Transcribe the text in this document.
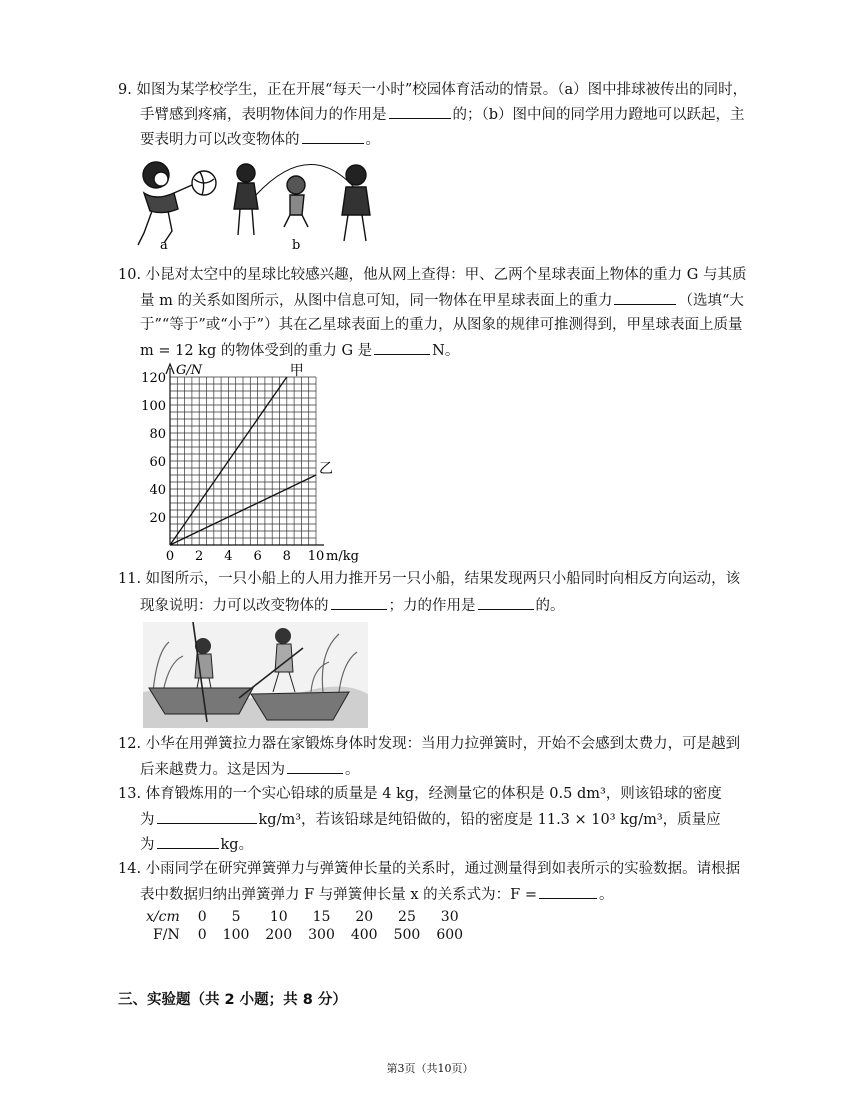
9. 如图为某学校学生，正在开展“每天一小时”校园体育活动的情景。（a）图中排球被传出的同时，
手臂感到疼痛，表明物体间力的作用是	的；（b）图中间的同学用力蹬地可以跃起，主
要表明力可以改变物体的	。
a	b
10. 小昆对太空中的星球比较感兴趣，他从网上查得：甲、乙两个星球表面上物体的重力 G 与其质
量 m 的关系如图所示，从图中信息可知，同一物体在甲星球表面上的重力	（选填“大
于”“等于”或“小于”）其在乙星球表面上的重力，从图象的规律可推测得到，甲星球表面上质量
m = 12 kg 的物体受到的重力 G 是	N。
甲
乙
0 2 4 6 8 10
20
40
60
80
100
120
G/N
m/kg
11. 如图所示，一只小船上的人用力推开另一只小船，结果发现两只小船同时向相反方向运动，该
现象说明：力可以改变物体的	；力的作用是	的。
12. 小华在用弹簧拉力器在家锻炼身体时发现：当用力拉弹簧时，开始不会感到太费力，可是越到
后来越费力。这是因为	。
13. 体育锻炼用的一个实心铅球的质量是 4 kg，经测量它的体积是 0.5 dm³，则该铅球的密度
为	kg/m³，若该铅球是纯铅做的，铅的密度是 11.3 × 10³ kg/m³，质量应
为	kg。
14. 小雨同学在研究弹簧弹力与弹簧伸长量的关系时，通过测量得到如表所示的实验数据。请根据
表中数据归纳出弹簧弹力 F 与弹簧伸长量 x 的关系式为：F =	。
x/cm	0	5	10	15	20	25	30
F/N	0	100	200	300	400	500	600
三、实验题（共 2 小题；共 8 分）
第3页（共10页）
